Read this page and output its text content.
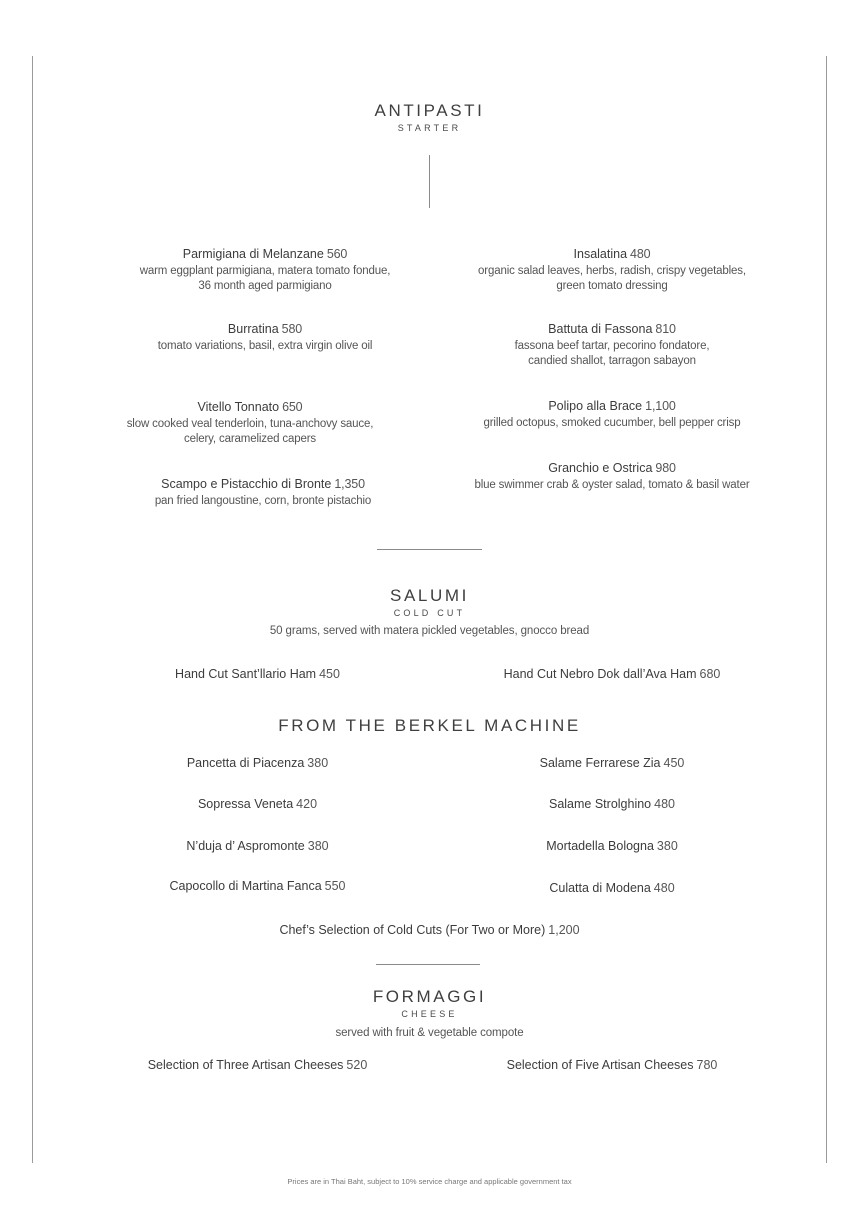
ANTIPASTI
STARTER
Parmigiana di Melanzane 560
warm eggplant parmigiana, matera tomato fondue,
36 month aged parmigiano
Burratina 580
tomato variations, basil, extra virgin olive oil
Vitello Tonnato 650
slow cooked veal tenderloin, tuna-anchovy sauce,
celery, caramelized capers
Scampo e Pistacchio di Bronte 1,350
pan fried langoustine, corn, bronte pistachio
Insalatina 480
organic salad leaves, herbs, radish, crispy vegetables,
green tomato dressing
Battuta di Fassona 810
fassona beef tartar, pecorino fondatore,
candied shallot, tarragon sabayon
Polipo alla Brace 1,100
grilled octopus, smoked cucumber, bell pepper crisp
Granchio e Ostrica 980
blue swimmer crab & oyster salad, tomato & basil water
SALUMI
COLD CUT
50 grams, served with matera pickled vegetables, gnocco bread
Hand Cut Sant’llario Ham 450	Hand Cut Nebro Dok dall’Ava Ham 680
FROM THE BERKEL MACHINE
Pancetta di Piacenza 380
Sopressa Veneta 420
N’duja d’ Aspromonte 380
Capocollo di Martina Fanca 550
Salame Ferrarese Zia 450
Salame Strolghino 480
Mortadella Bologna 380
Culatta di Modena 480
Chef’s Selection of Cold Cuts (For Two or More) 1,200
FORMAGGI
CHEESE
served with fruit & vegetable compote
Selection of Three Artisan Cheeses 520	Selection of Five Artisan Cheeses 780
Prices are in Thai Baht, subject to 10% service charge and applicable government tax
